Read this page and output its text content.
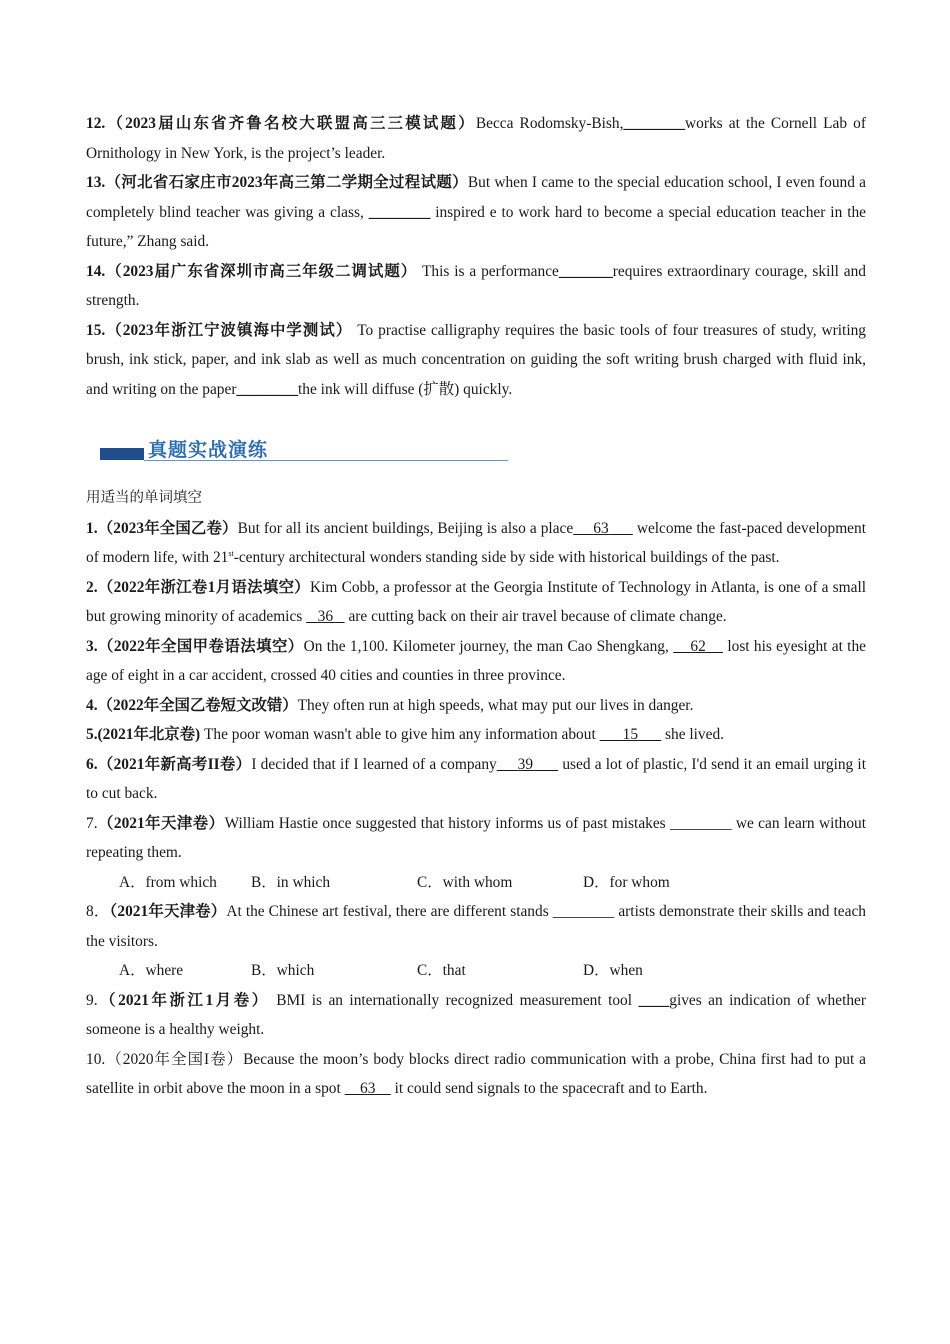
12.（2023届山东省齐鲁名校大联盟高三三模试题）Becca Rodomsky-Bish,________works at the Cornell Lab of Ornithology in New York, is the project’s leader.

13.（河北省石家庄市2023年高三第二学期全过程试题）But when I came to the special education school, I even found a completely blind teacher was giving a class, ________ inspired e to work hard to become a special education teacher in the future,” Zhang said.

14.（2023届广东省深圳市高三年级二调试题） This is a performance_______requires extraordinary courage, skill and strength.

15.（2023年浙江宁波镇海中学测试） To practise calligraphy requires the basic tools of four treasures of study, writing brush, ink stick, paper, and ink slab as well as much concentration on guiding the soft writing brush charged with fluid ink, and writing on the paper________the ink will diffuse (扩散) quickly.

真题实战演练

用适当的单词填空

1.（2023年全国乙卷）But for all its ancient buildings, Beijing is also a place 63       welcome the fast-paced development of modern life, with 21st-century architectural wonders standing side by side with historical buildings of the past.

2.（2022年浙江卷1月语法填空）Kim Cobb, a professor at the Georgia Institute of Technology in Atlanta, is one of a small but growing minority of academics    36    are cutting back on their air travel because of climate change.

3.（2022年全国甲卷语法填空）On the 1,100. Kilometer journey, the man Cao Shengkang,     62     lost his eyesight at the age of eight in a car accident, crossed 40 cities and counties in three province.

4.（2022年全国乙卷短文改错）They often run at high speeds, what may put our lives in danger.

5.(2021年北京卷) The poor woman wasn't able to give him any information about       15       she lived.

6.（2021年新高考II卷）I decided that if I learned of a company 39       used a lot of plastic, I'd send it an email urging it to cut back.

7.（2021年天津卷）William Hastie once suggested that history informs us of past mistakes ________ we can learn without repeating them.

A．from which	B．in which	C．with whom	D．for whom

8．（2021年天津卷）At the Chinese art festival, there are different stands ________ artists demonstrate their skills and teach the visitors.

A．where	B．which	C．that	D．when

9.（2021年浙江1月卷） BMI is an internationally recognized measurement tool ____gives an indication of whether someone is a healthy weight.

10.（2020年全国I卷）Because the moon’s body blocks direct radio communication with a probe, China first had to put a satellite in orbit above the moon in a spot     63     it could send signals to the spacecraft and to Earth.
